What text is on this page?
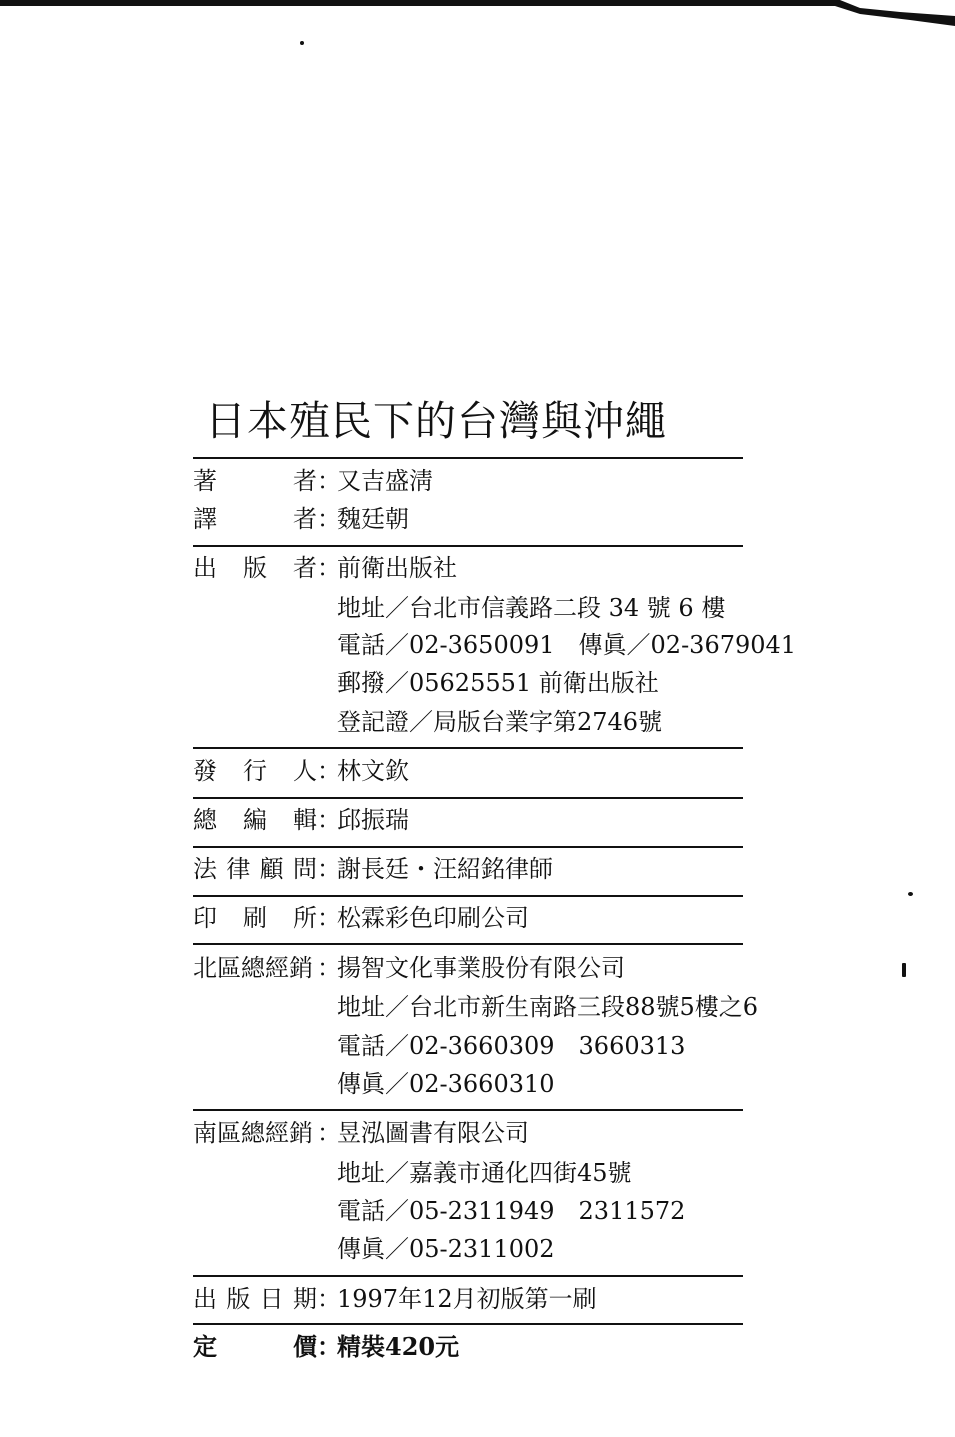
日本殖民下的台灣與沖繩
著	者 ：
又吉盛淸
譯	者 ：
魏廷朝
出 版 者 ：
前衛出版社
地址／台北市信義路二段 34 號 6 樓
電話／02-3650091　傳眞／02-3679041
郵撥／05625551 前衛出版社
登記證／局版台業字第2746號
發 行 人 ：
林文欽
總 編 輯 ：
邱振瑞
法 律 顧 問 ：
謝長廷・汪紹銘律師
印 刷 所 ：
松霖彩色印刷公司
北區總經銷 ：
揚智文化事業股份有限公司
地址／台北市新生南路三段88號5樓之6
電話／02-3660309　3660313
傳眞／02-3660310
南區總經銷 ：
昱泓圖書有限公司
地址／嘉義市通化四街45號
電話／05-2311949　2311572
傳眞／05-2311002
出 版 日 期 ：
1997年12月初版第一刷
定	價 ：
精裝420元
